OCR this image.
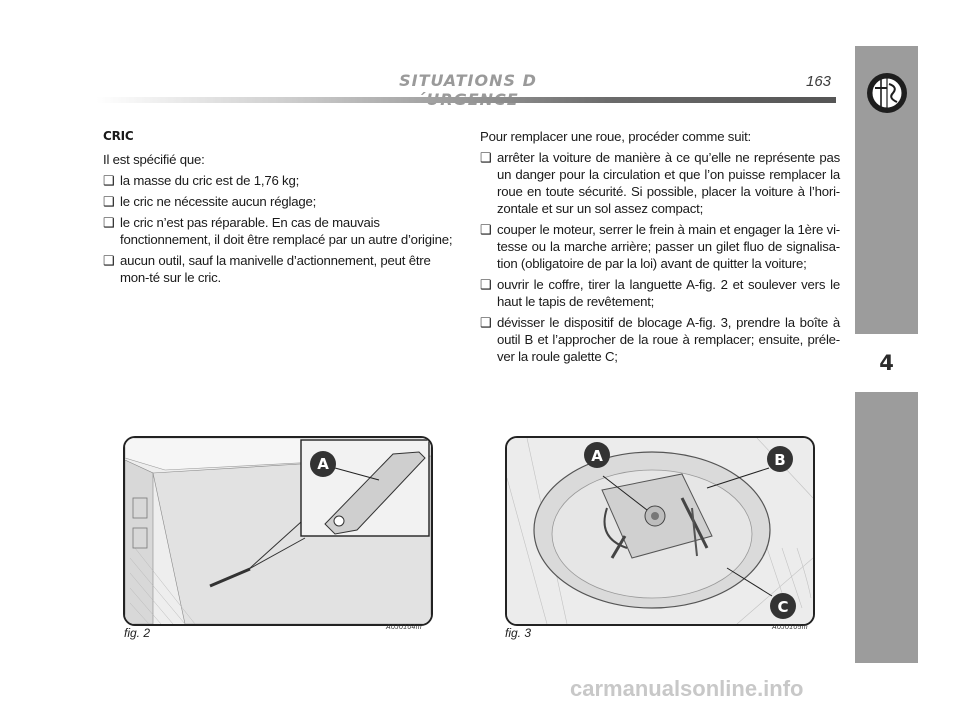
SITUATIONS D	163
4
CRIC
Il est spécifié que:
❑ la masse du cric est de 1,76 kg;
❑ le cric ne nécessite aucun réglage;
❑ le cric n’est pas réparable. En cas de mauvais fonctionnement, il doit être remplacé par un autre d’origine;
❑ aucun outil, sauf la manivelle d’actionnement, peut être mon-té sur le cric.
Pour remplacer une roue, procéder comme suit:
❑ arrêter la voiture de manière à ce qu’elle ne représente pas un danger pour la circulation et que l’on puisse remplacer la roue en toute sécurité. Si possible, placer la voiture à l’hori-zontale et sur un sol assez compact;
❑ couper le moteur, serrer le frein à main et engager la 1ère vi-tesse ou la marche arrière; passer un gilet fluo de signalisa-tion (obligatoire de par la loi) avant de quitter la voiture;
❑ ouvrir le coffre, tirer la languette A-fig. 2 et soulever vers le haut le tapis de revêtement;
❑ dévisser le dispositif de blocage A-fig. 3, prendre la boîte à outil B et l’approcher de la roue à remplacer; ensuite, préle-ver la roule galette C;
A
fig. 2	A0J0104m
A	B
C
fig. 3	A0J0105m
carmanualsonline.info
